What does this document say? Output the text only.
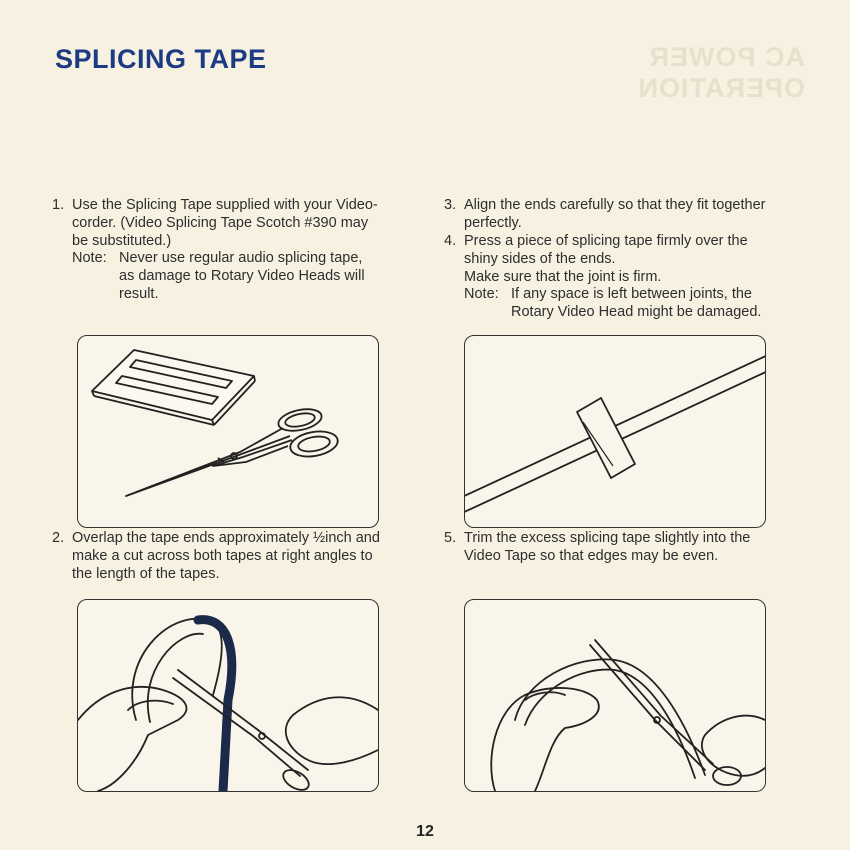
AC POWER OPERATION
SPLICING TAPE
1. Use the Splicing Tape supplied with your Video-
corder. (Video Splicing Tape Scotch #390 may
be substituted.)
Note: Never use regular audio splicing tape,
as damage to Rotary Video Heads will
result.
2. Overlap the tape ends approximately ½inch and
make a cut across both tapes at right angles to
the length of the tapes.
3. Align the ends carefully so that they fit together
perfectly.
4. Press a piece of splicing tape firmly over the
shiny sides of the ends.
Make sure that the joint is firm.
Note: If any space is left between joints, the
Rotary Video Head might be damaged.
5. Trim the excess splicing tape slightly into the
Video Tape so that edges may be even.
12
